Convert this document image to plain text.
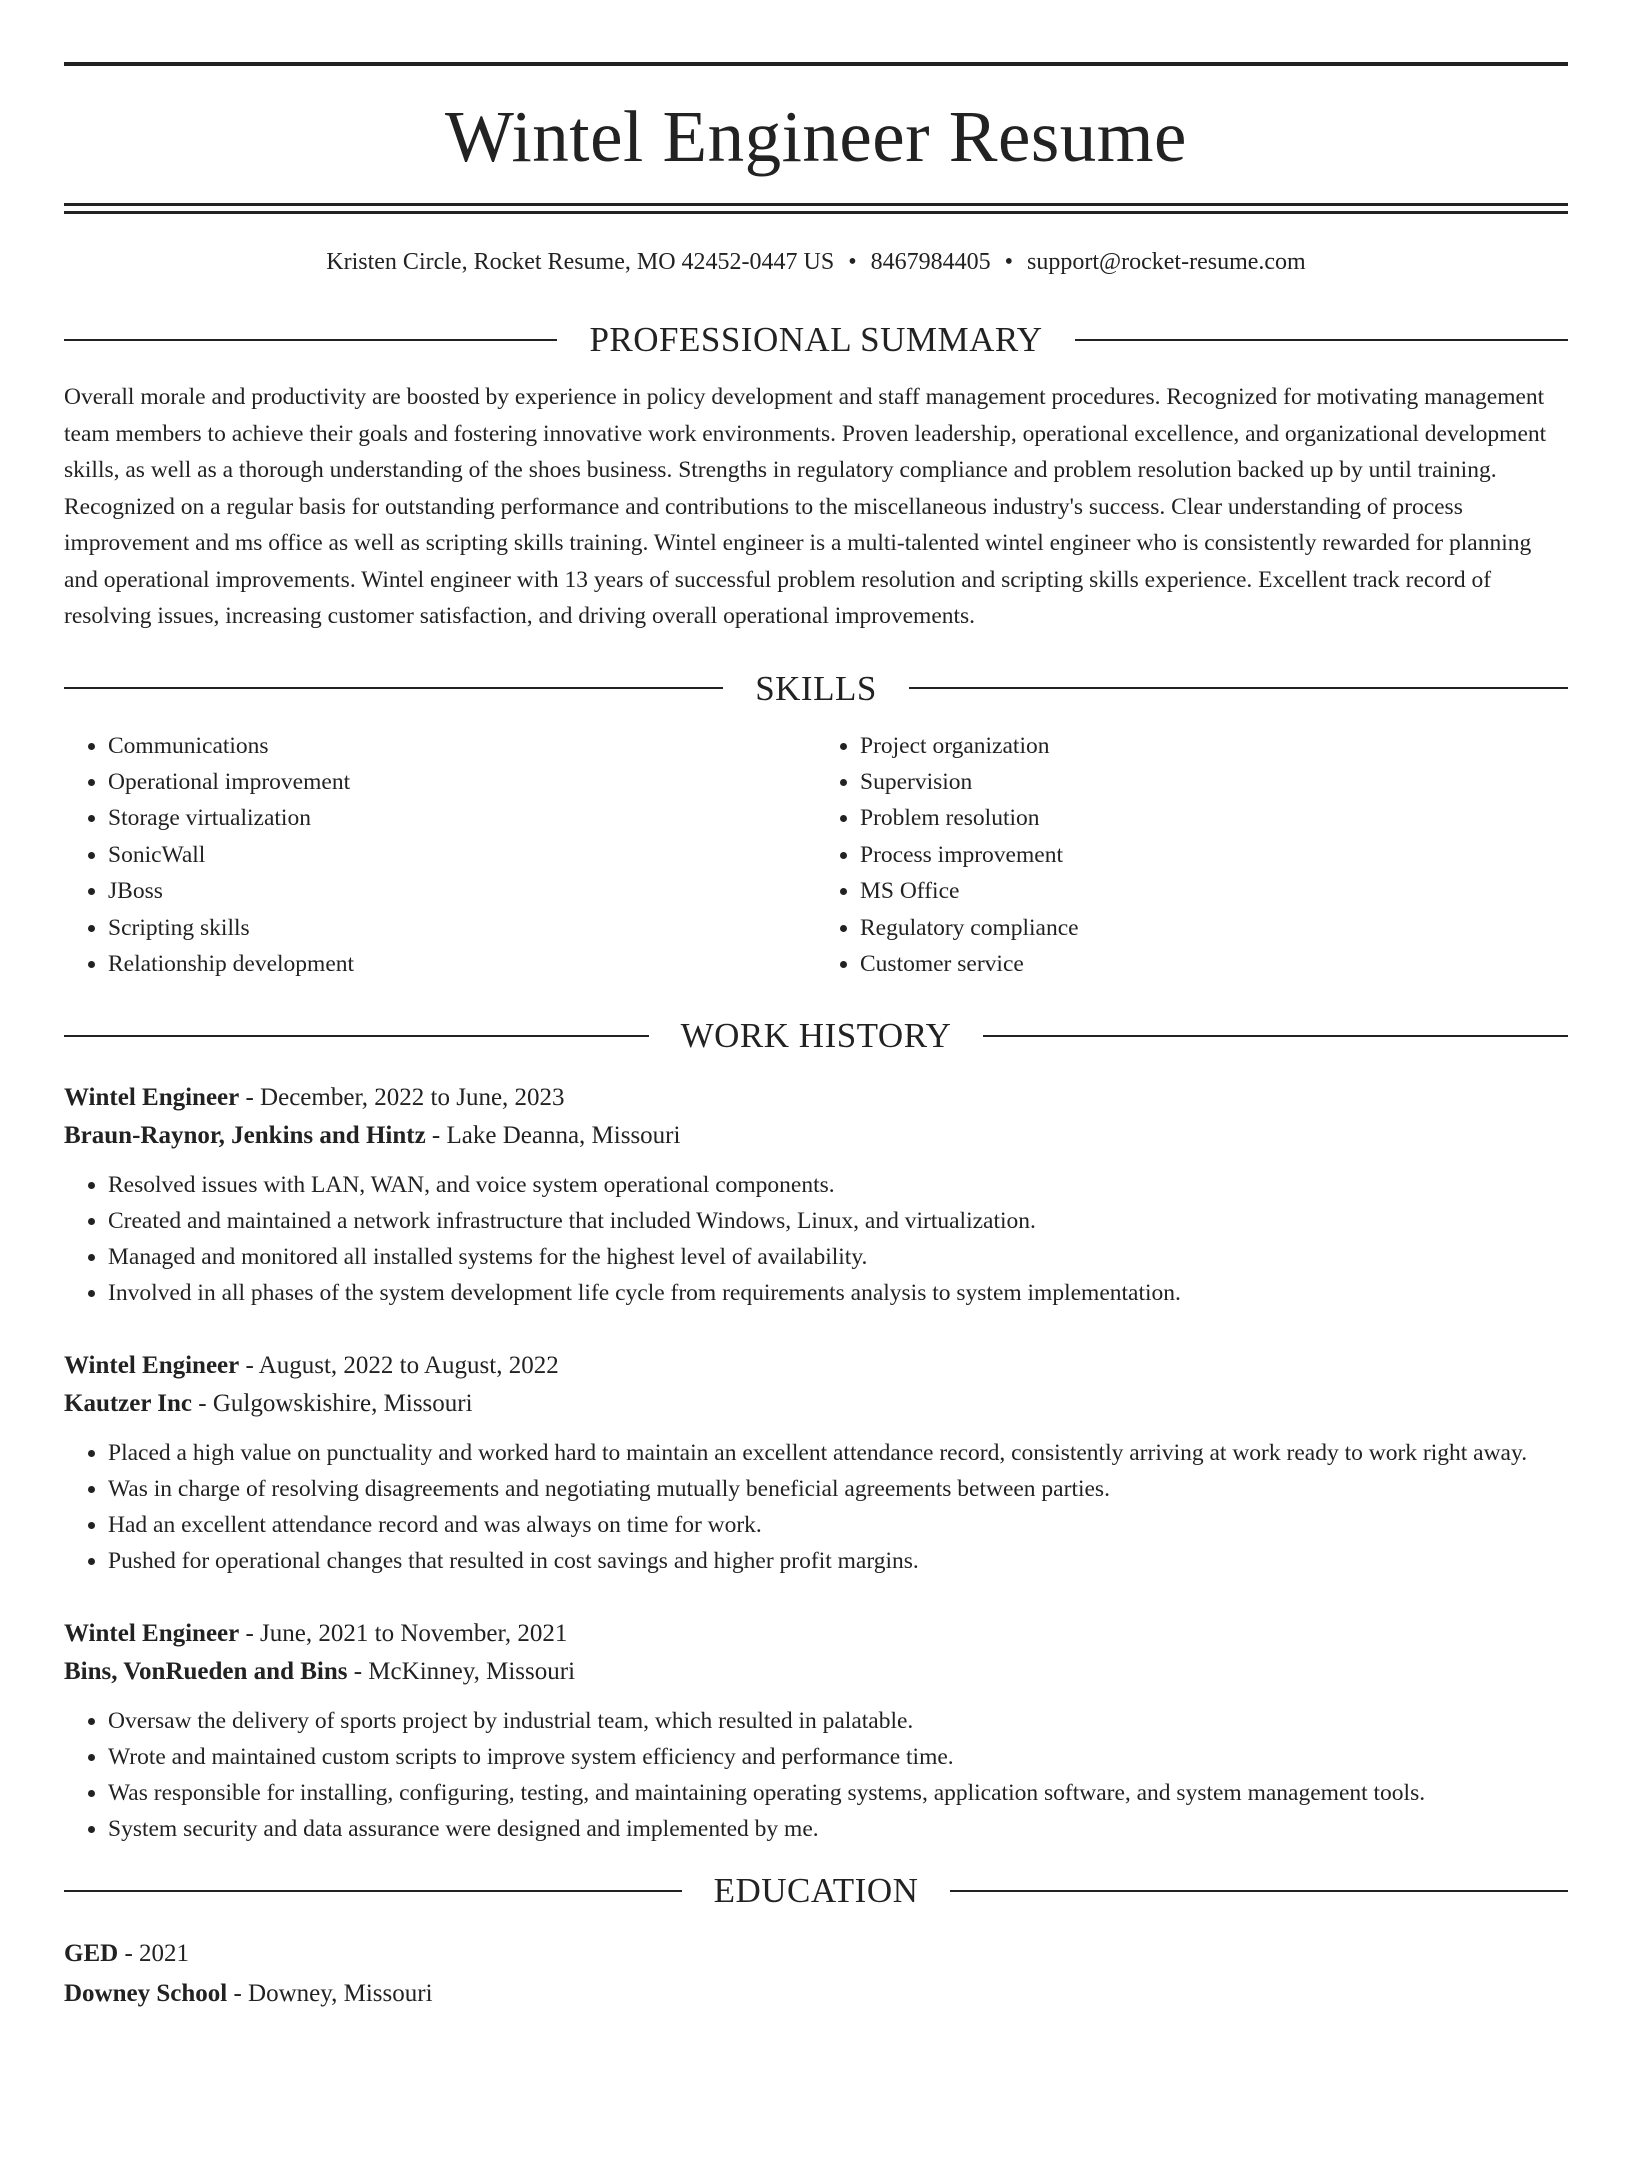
Wintel Engineer Resume
Kristen Circle, Rocket Resume, MO 42452-0447 US • 8467984405 • support@rocket-resume.com
PROFESSIONAL SUMMARY
Overall morale and productivity are boosted by experience in policy development and staff management procedures. Recognized for motivating management team members to achieve their goals and fostering innovative work environments. Proven leadership, operational excellence, and organizational development skills, as well as a thorough understanding of the shoes business. Strengths in regulatory compliance and problem resolution backed up by until training. Recognized on a regular basis for outstanding performance and contributions to the miscellaneous industry's success. Clear understanding of process improvement and ms office as well as scripting skills training. Wintel engineer is a multi-talented wintel engineer who is consistently rewarded for planning and operational improvements. Wintel engineer with 13 years of successful problem resolution and scripting skills experience. Excellent track record of resolving issues, increasing customer satisfaction, and driving overall operational improvements.
SKILLS
• Communications
• Operational improvement
• Storage virtualization
• SonicWall
• JBoss
• Scripting skills
• Relationship development
• Project organization
• Supervision
• Problem resolution
• Process improvement
• MS Office
• Regulatory compliance
• Customer service
WORK HISTORY
Wintel Engineer - December, 2022 to June, 2023
Braun-Raynor, Jenkins and Hintz - Lake Deanna, Missouri
• Resolved issues with LAN, WAN, and voice system operational components.
• Created and maintained a network infrastructure that included Windows, Linux, and virtualization.
• Managed and monitored all installed systems for the highest level of availability.
• Involved in all phases of the system development life cycle from requirements analysis to system implementation.
Wintel Engineer - August, 2022 to August, 2022
Kautzer Inc - Gulgowskishire, Missouri
• Placed a high value on punctuality and worked hard to maintain an excellent attendance record, consistently arriving at work ready to work right away.
• Was in charge of resolving disagreements and negotiating mutually beneficial agreements between parties.
• Had an excellent attendance record and was always on time for work.
• Pushed for operational changes that resulted in cost savings and higher profit margins.
Wintel Engineer - June, 2021 to November, 2021
Bins, VonRueden and Bins - McKinney, Missouri
• Oversaw the delivery of sports project by industrial team, which resulted in palatable.
• Wrote and maintained custom scripts to improve system efficiency and performance time.
• Was responsible for installing, configuring, testing, and maintaining operating systems, application software, and system management tools.
• System security and data assurance were designed and implemented by me.
EDUCATION
GED - 2021
Downey School - Downey, Missouri
